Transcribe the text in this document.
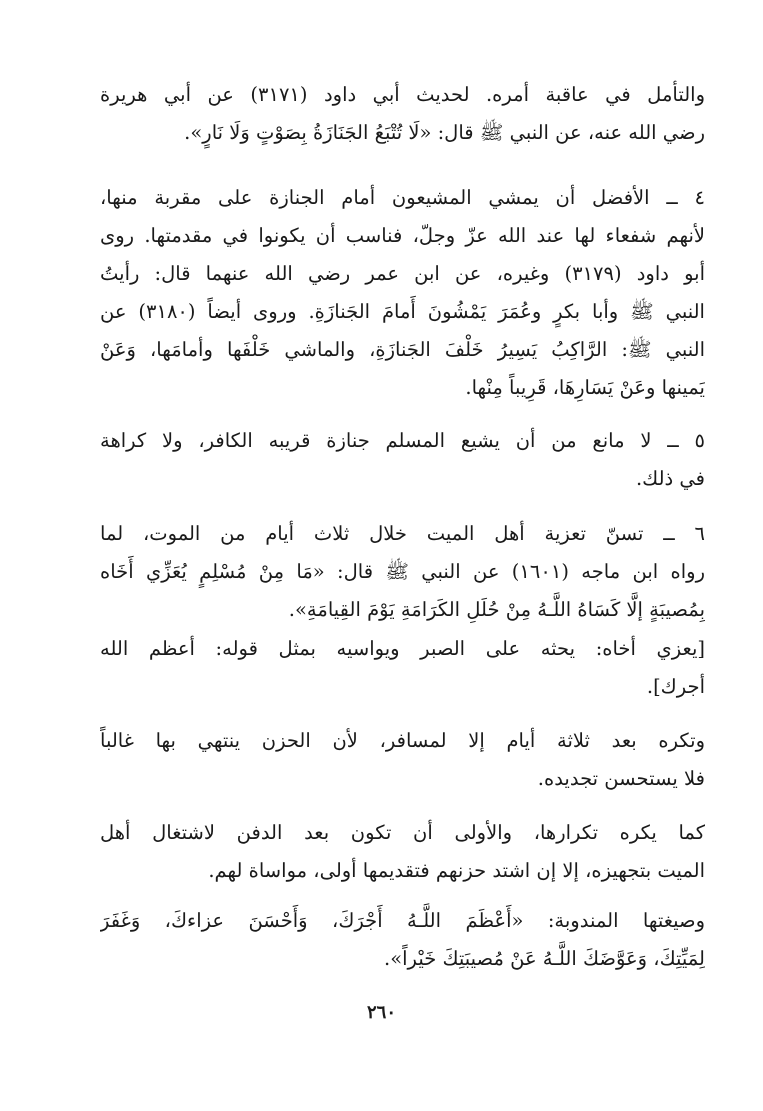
والتأمل في عاقبة أمره. لحديث أبي داود (٣١٧١) عن أبي هريرة
رضي الله عنه، عن النبي ﷺ قال: «لَا تُتْبَعُ الجَنَازَةُ بِصَوْتٍ وَلَا نَارٍ».
٤ ــ الأفضل أن يمشي المشيعون أمام الجنازة على مقربة منها،
لأنهم شفعاء لها عند الله عزّ وجلّ، فناسب أن يكونوا في مقدمتها. روى
أبو داود (٣١٧٩) وغيره، عن ابن عمر رضي الله عنهما قال: رأيتُ
النبي ﷺ وأبا بكرٍ وعُمَرَ يَمْشُونَ أَمامَ الجَنازَةِ. وروى أيضاً (٣١٨٠) عن
النبي ﷺ: الرَّاكِبُ يَسِيرُ خَلْفَ الجَنازَةِ، والماشي خَلْفَها وأمامَها، وَعَنْ
يَمينها وعَنْ يَسَارِهَا، قَرِيباً مِنْها.
٥ ــ لا مانع من أن يشيع المسلم جنازة قريبه الكافر، ولا كراهة
في ذلك.
٦ ــ تسنّ تعزية أهل الميت خلال ثلاث أيام من الموت، لما
رواه ابن ماجه (١٦٠١) عن النبي ﷺ قال: «مَا مِنْ مُسْلِمٍ يُعَزِّي أَخَاه
بِمُصيبَةٍ إلَّا كَسَاهُ اللَّـهُ مِنْ حُلَلِ الكَرَامَةِ يَوْمَ القِيامَةِ».
[يعزي أخاه: يحثه على الصبر ويواسيه بمثل قوله: أعظم الله
أجرك].
وتكره بعد ثلاثة أيام إلا لمسافر، لأن الحزن ينتهي بها غالباً
فلا يستحسن تجديده.
كما يكره تكرارها، والأولى أن تكون بعد الدفن لاشتغال أهل
الميت بتجهيزه، إلا إن اشتد حزنهم فتقديمها أولى، مواساة لهم.
وصيغتها المندوبة: «أَعْظَمَ اللَّـهُ أَجْرَكَ، وَأَحْسَنَ عزاءكَ، وَغَفَرَ
لِمَيِّتِكَ، وَعَوَّضَكَ اللَّـهُ عَنْ مُصيبَتِكَ خَيْراً».
٢٦٠
